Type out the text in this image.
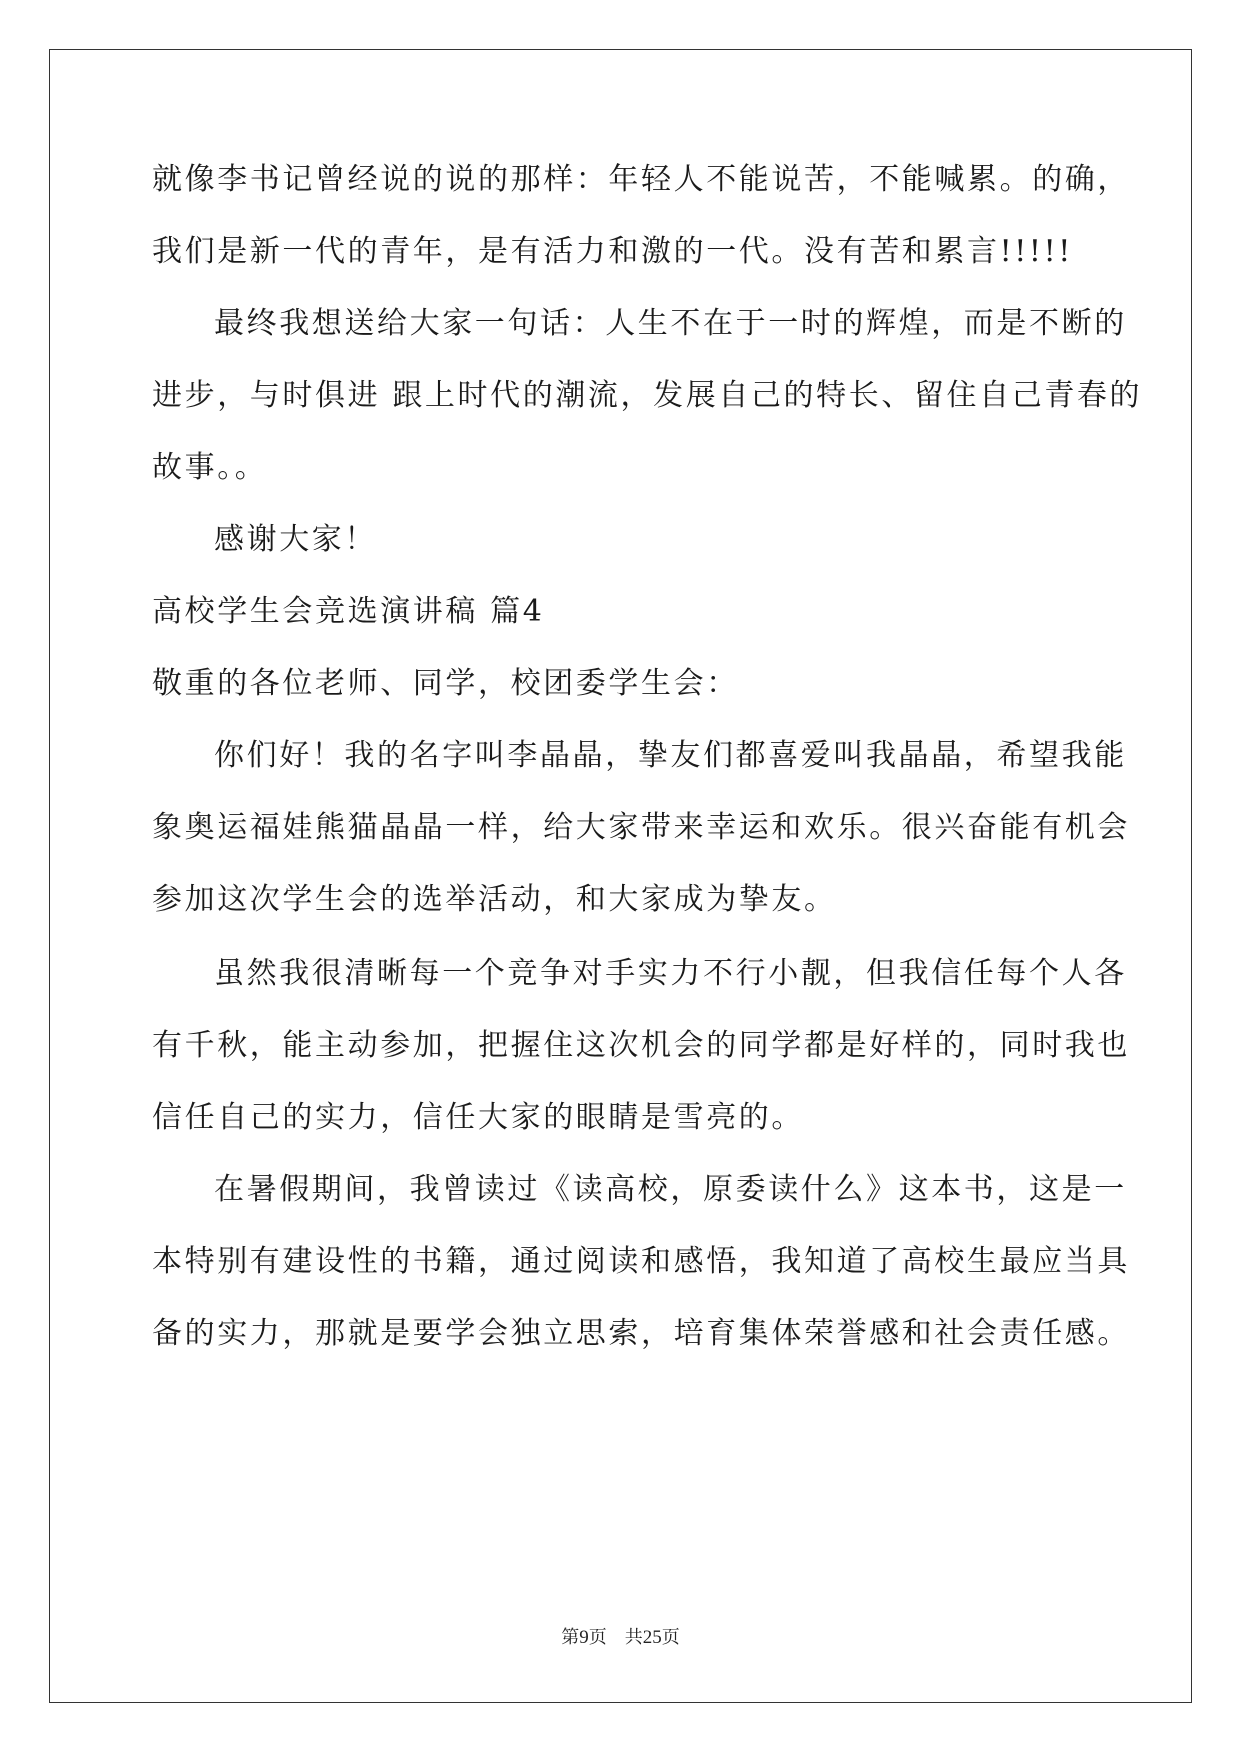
就像李书记曾经说的说的那样：年轻人不能说苦，不能喊累。的确，
我们是新一代的青年，是有活力和激的一代。没有苦和累言!!!!!
最终我想送给大家一句话：人生不在于一时的辉煌，而是不断的
进步，与时俱进 跟上时代的潮流，发展自己的特长、留住自己青春的
故事。。
感谢大家！
高校学生会竞选演讲稿 篇4
敬重的各位老师、同学，校团委学生会：
你们好！我的名字叫李晶晶，挚友们都喜爱叫我晶晶，希望我能
象奥运福娃熊猫晶晶一样，给大家带来幸运和欢乐。很兴奋能有机会
参加这次学生会的选举活动，和大家成为挚友。
虽然我很清晰每一个竞争对手实力不行小靓，但我信任每个人各
有千秋，能主动参加，把握住这次机会的同学都是好样的，同时我也
信任自己的实力，信任大家的眼睛是雪亮的。
在暑假期间，我曾读过《读高校，原委读什么》这本书，这是一
本特别有建设性的书籍，通过阅读和感悟，我知道了高校生最应当具
备的实力，那就是要学会独立思索，培育集体荣誉感和社会责任感。
第9页 共25页
